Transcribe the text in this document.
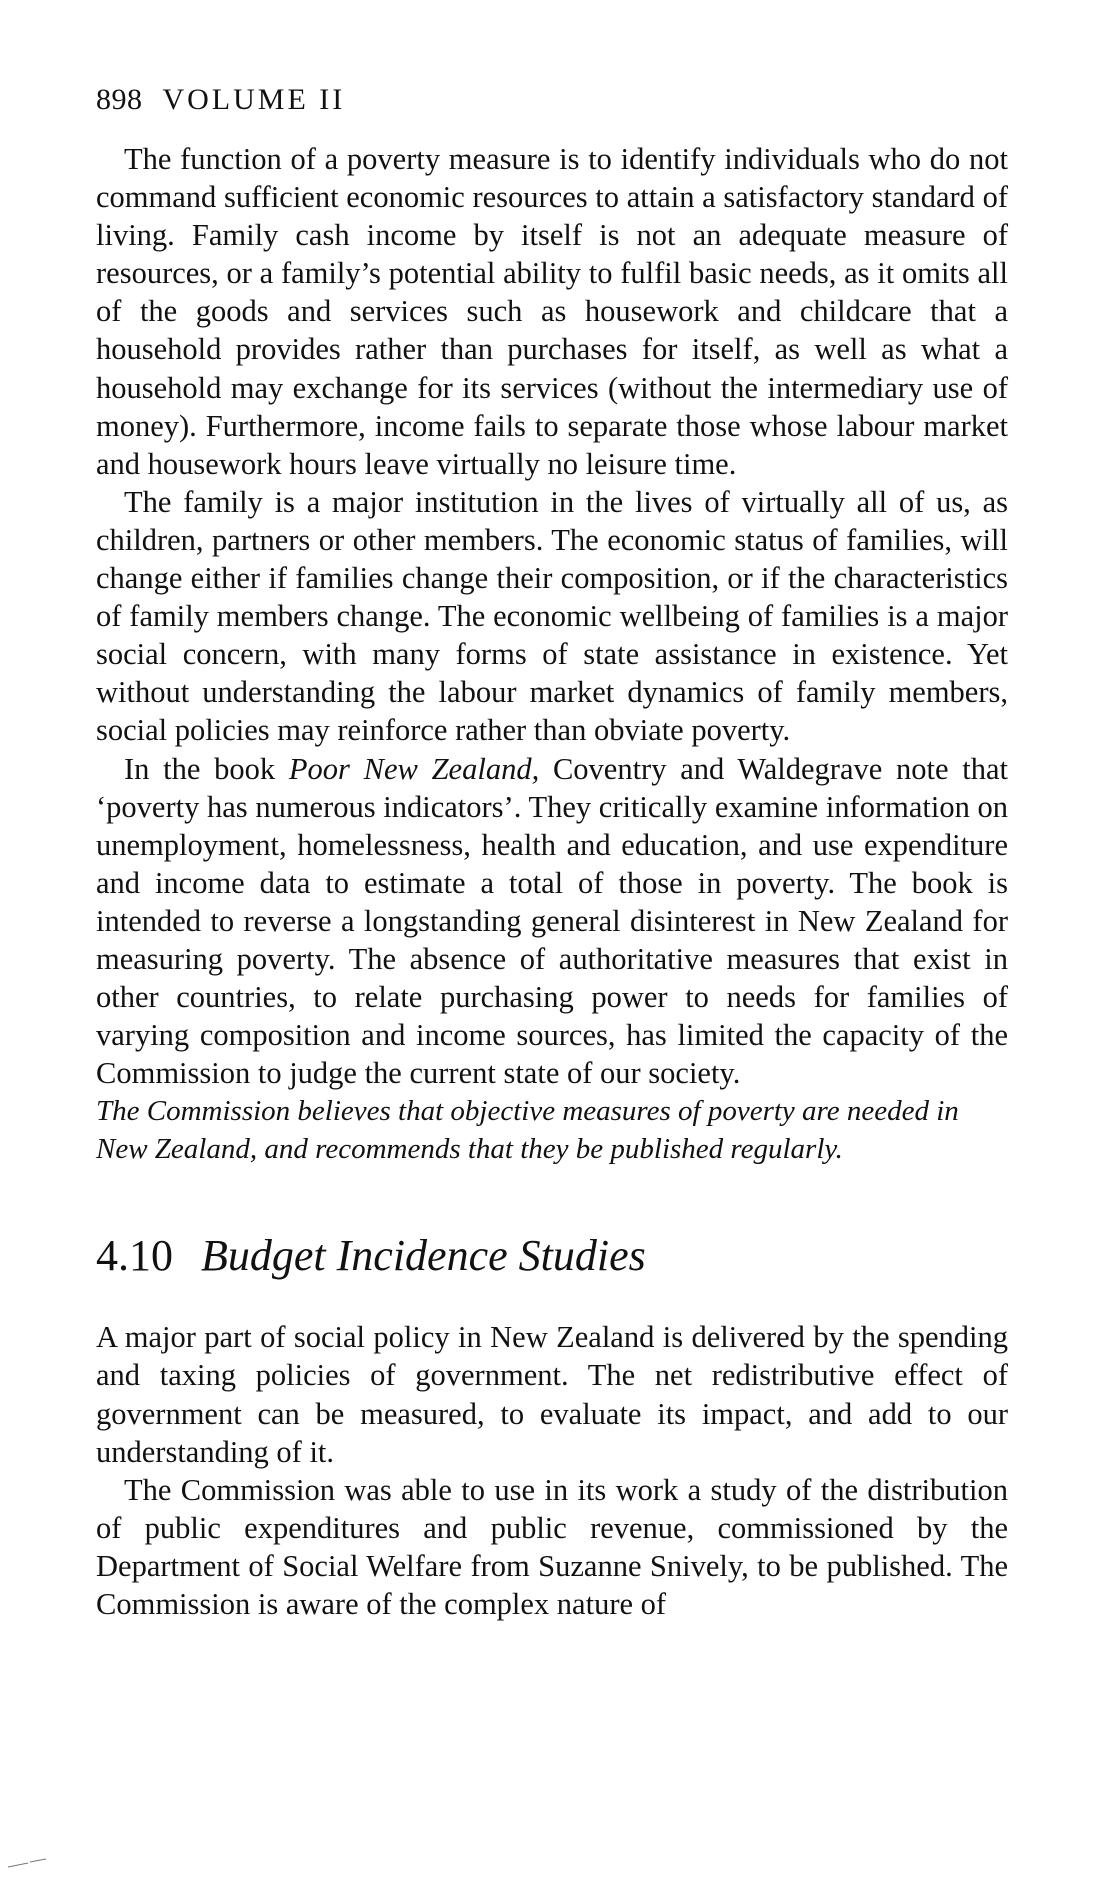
898 VOLUME II

The function of a poverty measure is to identify individuals who do not command sufficient economic resources to attain a satisfactory standard of living. Family cash income by itself is not an adequate measure of resources, or a family’s potential ability to fulfil basic needs, as it omits all of the goods and services such as housework and childcare that a household provides rather than purchases for itself, as well as what a household may exchange for its services (without the intermediary use of money). Furthermore, income fails to separate those whose labour market and housework hours leave virtually no leisure time.

The family is a major institution in the lives of virtually all of us, as children, partners or other members. The economic status of families, will change either if families change their composition, or if the characteristics of family members change. The economic wellbeing of families is a major social concern, with many forms of state assistance in existence. Yet without understanding the labour market dynamics of family members, social policies may reinforce rather than obviate poverty.

In the book Poor New Zealand, Coventry and Waldegrave note that ‘poverty has numerous indicators’. They critically examine information on unemployment, homelessness, health and education, and use expenditure and income data to estimate a total of those in poverty. The book is intended to reverse a longstanding general disinterest in New Zealand for measuring poverty. The absence of authoritative measures that exist in other countries, to relate purchasing power to needs for families of varying composition and income sources, has limited the capacity of the Commission to judge the current state of our society.

The Commission believes that objective measures of poverty are needed in New Zealand, and recommends that they be published regularly.

4.10 Budget Incidence Studies

A major part of social policy in New Zealand is delivered by the spending and taxing policies of government. The net redistributive effect of government can be measured, to evaluate its impact, and add to our understanding of it.

The Commission was able to use in its work a study of the distribution of public expenditures and public revenue, commissioned by the Department of Social Welfare from Suzanne Snively, to be published. The Commission is aware of the complex nature of
